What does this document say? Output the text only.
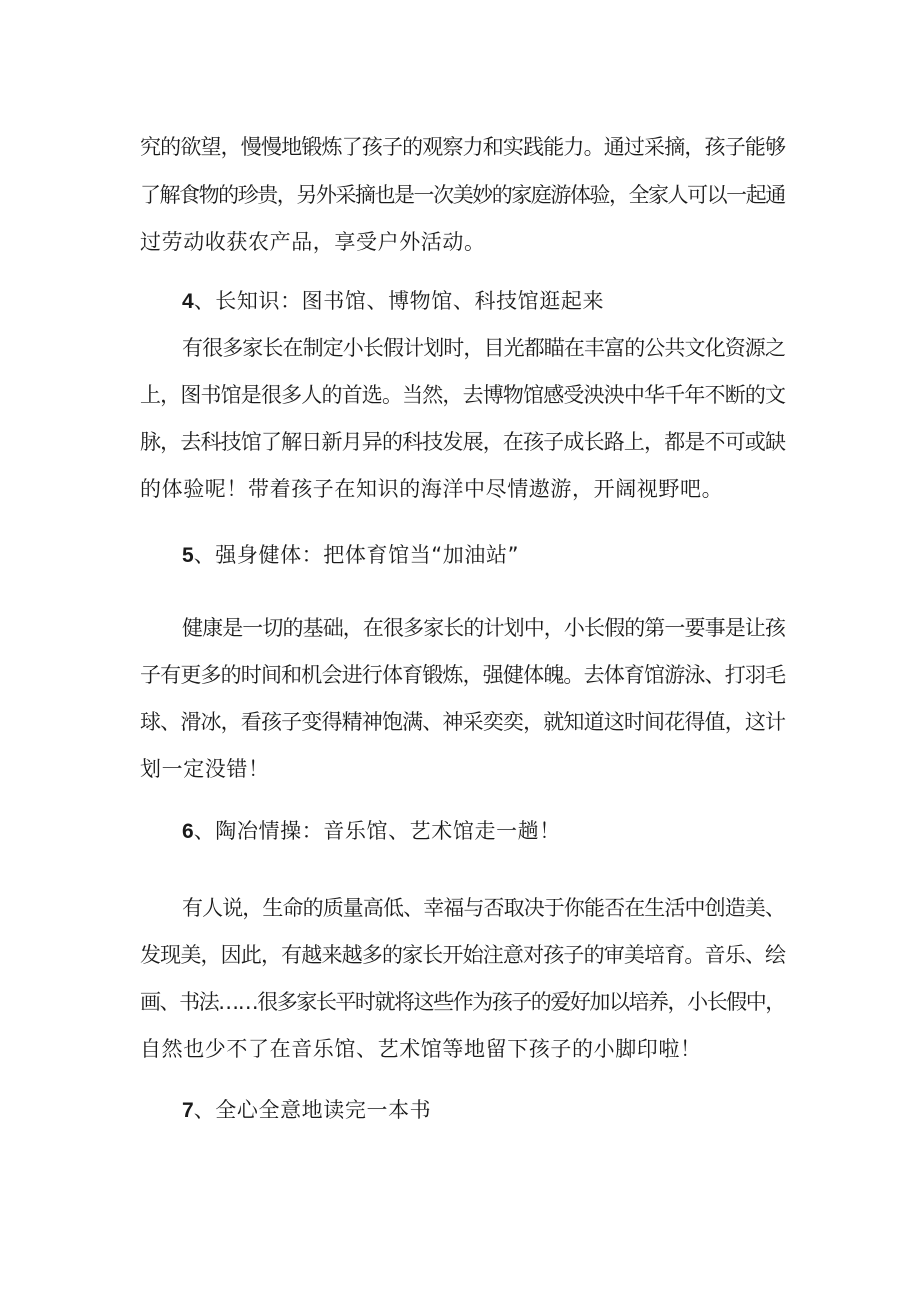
究的欲望，慢慢地锻炼了孩子的观察力和实践能力。通过采摘，孩子能够
了解食物的珍贵，另外采摘也是一次美妙的家庭游体验，全家人可以一起通
过劳动收获农产品，享受户外活动。
4、长知识：图书馆、博物馆、科技馆逛起来
有很多家长在制定小长假计划时，目光都瞄在丰富的公共文化资源之
上，图书馆是很多人的首选。当然，去博物馆感受泱泱中华千年不断的文
脉，去科技馆了解日新月异的科技发展，在孩子成长路上，都是不可或缺
的体验呢！带着孩子在知识的海洋中尽情遨游，开阔视野吧。
5、强身健体：把体育馆当“加油站”
健康是一切的基础，在很多家长的计划中，小长假的第一要事是让孩
子有更多的时间和机会进行体育锻炼，强健体魄。去体育馆游泳、打羽毛
球、滑冰，看孩子变得精神饱满、神采奕奕，就知道这时间花得值，这计
划一定没错！
6、陶冶情操：音乐馆、艺术馆走一趟！
有人说，生命的质量高低、幸福与否取决于你能否在生活中创造美、
发现美，因此，有越来越多的家长开始注意对孩子的审美培育。音乐、绘
画、书法……很多家长平时就将这些作为孩子的爱好加以培养，小长假中，
自然也少不了在音乐馆、艺术馆等地留下孩子的小脚印啦！
7、全心全意地读完一本书
